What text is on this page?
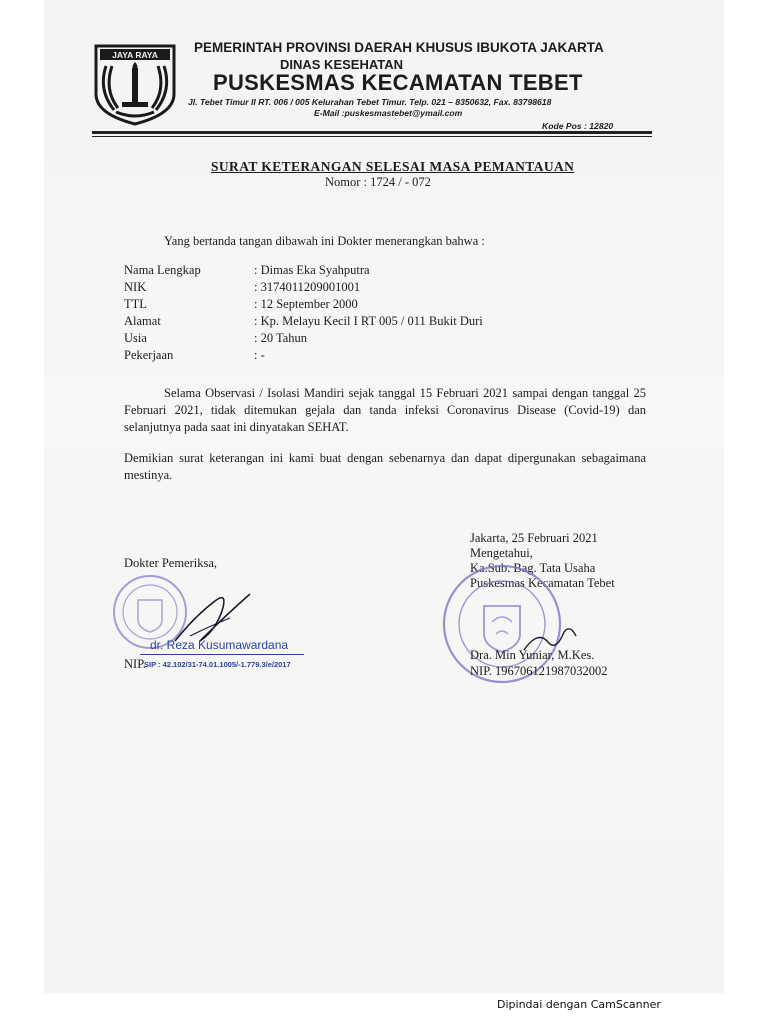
JAYA RAYA	PEMERINTAH PROVINSI DAERAH KHUSUS IBUKOTA JAKARTA
DINAS KESEHATAN
PUSKESMAS KECAMATAN TEBET
Jl. Tebet Timur II RT. 006 / 005 Kelurahan Tebet Timur. Telp. 021 – 8350632, Fax. 83798618
E-Mail :puskesmastebet@ymail.com
Kode Pos : 12820
SURAT KETERANGAN SELESAI MASA PEMANTAUAN
Nomor : 1724 / - 072
Yang bertanda tangan dibawah ini Dokter menerangkan bahwa :
Nama Lengkap	: Dimas Eka Syahputra
NIK	: 3174011209001001
TTL	: 12 September 2000
Alamat	: Kp. Melayu Kecil I RT 005 / 011 Bukit Duri
Usia	: 20 Tahun
Pekerjaan	: -
Selama Observasi / Isolasi Mandiri sejak tanggal 15 Februari 2021 sampai dengan tanggal 25 Februari 2021, tidak ditemukan gejala dan tanda infeksi Coronavirus Disease (Covid-19) dan selanjutnya pada saat ini dinyatakan SEHAT.
Demikian surat keterangan ini kami buat dengan sebenarnya dan dapat dipergunakan sebagaimana mestinya.
Dokter Pemeriksa,
dr. Reza Kusumawardana
NIP.
SIP : 42.102/31-74.01.1005/-1.779.3/e/2017
Jakarta, 25 Februari 2021
Mengetahui,
Ka.Sub. Bag. Tata Usaha
Puskesmas Kecamatan Tebet
Dra. Min Yuniar, M.Kes.
NIP. 196706121987032002
Dipindai dengan CamScanner
